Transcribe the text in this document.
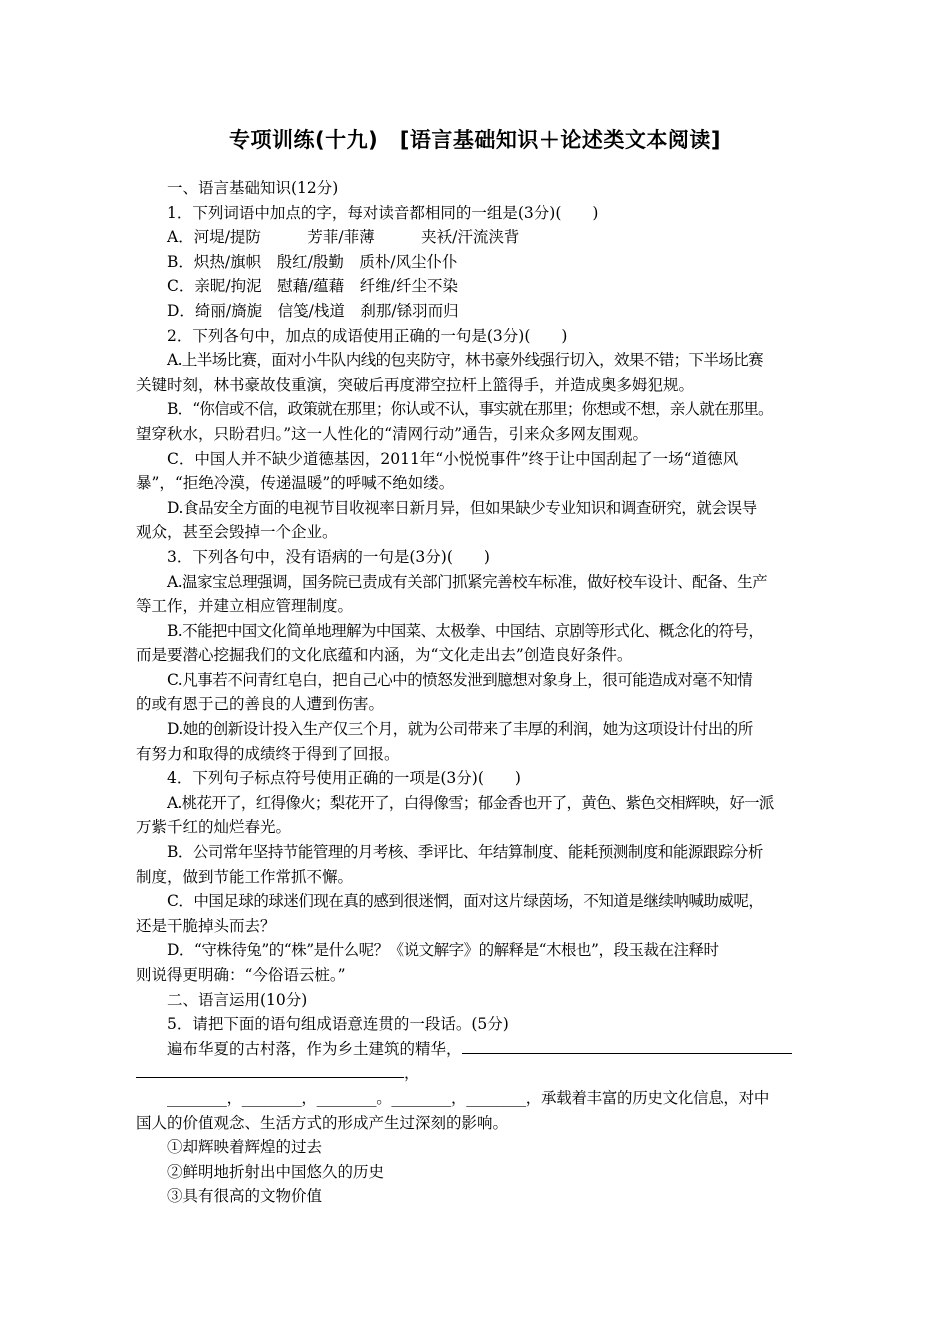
专项训练(十九)　[语言基础知识＋论述类文本阅读]

一、语言基础知识(12分)

1．下列词语中加点的字，每对读音都相同的一组是(3分)(　　)

A．河堤/提防　　　芳菲/菲薄　　　夹袄/汗流浃背

B．炽热/旗帜　殷红/殷勤　质朴/风尘仆仆

C．亲昵/拘泥　慰藉/蕴藉　纤维/纤尘不染

D．绮丽/旖旎　信笺/栈道　刹那/铩羽而归

2．下列各句中，加点的成语使用正确的一句是(3分)(　　)

A.上半场比赛，面对小牛队内线的包夹防守，林书豪外线强行切入，效果不错；下半场比赛

关键时刻，林书豪故伎重演，突破后再度滞空拉杆上篮得手，并造成奥多姆犯规。

B．“你信或不信，政策就在那里；你认或不认，事实就在那里；你想或不想，亲人就在那里。

望穿秋水，只盼君归。”这一人性化的“清网行动”通告，引来众多网友围观。

C．中国人并不缺少道德基因，2011年“小悦悦事件”终于让中国刮起了一场“道德风

暴”，“拒绝冷漠，传递温暖”的呼喊不绝如缕。

D.食品安全方面的电视节目收视率日新月异，但如果缺少专业知识和调查研究，就会误导

观众，甚至会毁掉一个企业。

3．下列各句中，没有语病的一句是(3分)(　　)

A.温家宝总理强调，国务院已责成有关部门抓紧完善校车标准，做好校车设计、配备、生产

等工作，并建立相应管理制度。

B.不能把中国文化简单地理解为中国菜、太极拳、中国结、京剧等形式化、概念化的符号，

而是要潜心挖掘我们的文化底蕴和内涵，为“文化走出去”创造良好条件。

C.凡事若不问青红皂白，把自己心中的愤怒发泄到臆想对象身上，很可能造成对毫不知情

的或有恩于己的善良的人遭到伤害。

D.她的创新设计投入生产仅三个月，就为公司带来了丰厚的利润，她为这项设计付出的所

有努力和取得的成绩终于得到了回报。

4．下列句子标点符号使用正确的一项是(3分)(　　)

A.桃花开了，红得像火；梨花开了，白得像雪；郁金香也开了，黄色、紫色交相辉映，好一派

万紫千红的灿烂春光。

B．公司常年坚持节能管理的月考核、季评比、年结算制度、能耗预测制度和能源跟踪分析

制度，做到节能工作常抓不懈。

C．中国足球的球迷们现在真的感到很迷惘，面对这片绿茵场，不知道是继续呐喊助威呢，

还是干脆掉头而去？

D．“守株待兔”的“株”是什么呢？《说文解字》的解释是“木根也”，段玉裁在注释时

则说得更明确：“今俗语云桩。”

二、语言运用(10分)

5．请把下面的语句组成语意连贯的一段话。(5分)

遍布华夏的古村落，作为乡土建筑的精华，

，

________，________，________。________，________，承载着丰富的历史文化信息，对中

国人的价值观念、生活方式的形成产生过深刻的影响。

①却辉映着辉煌的过去

②鲜明地折射出中国悠久的历史

③具有很高的文物价值
